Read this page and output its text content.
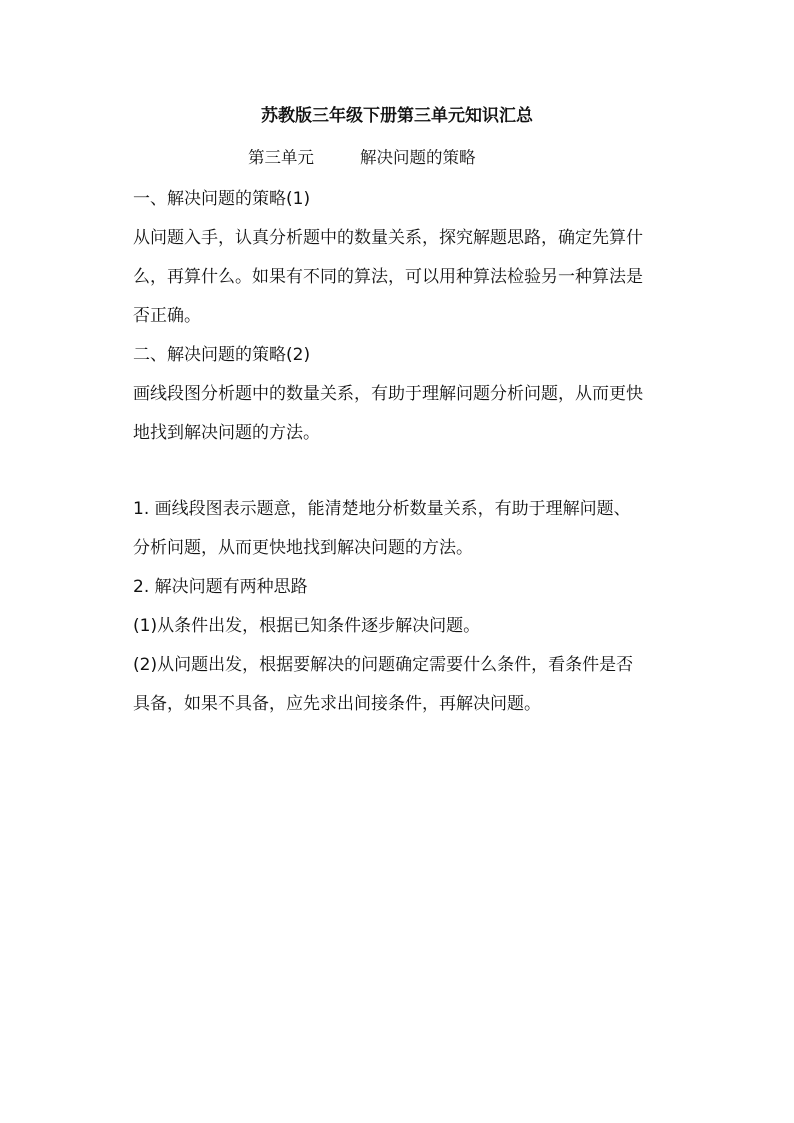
苏教版三年级下册第三单元知识汇总
第三单元	解决问题的策略
一、解决问题的策略(1)
从问题入手，认真分析题中的数量关系，探究解题思路，确定先算什
么，再算什么。如果有不同的算法，可以用种算法检验另一种算法是
否正确。
二、解决问题的策略(2)
画线段图分析题中的数量关系，有助于理解问题分析问题，从而更快
地找到解决问题的方法。
1. 画线段图表示题意，能清楚地分析数量关系，有助于理解问题、
分析问题，从而更快地找到解决问题的方法。
2. 解决问题有两种思路
(1)从条件出发，根据已知条件逐步解决问题。
(2)从问题出发，根据要解决的问题确定需要什么条件，看条件是否
具备，如果不具备，应先求出间接条件，再解决问题。
